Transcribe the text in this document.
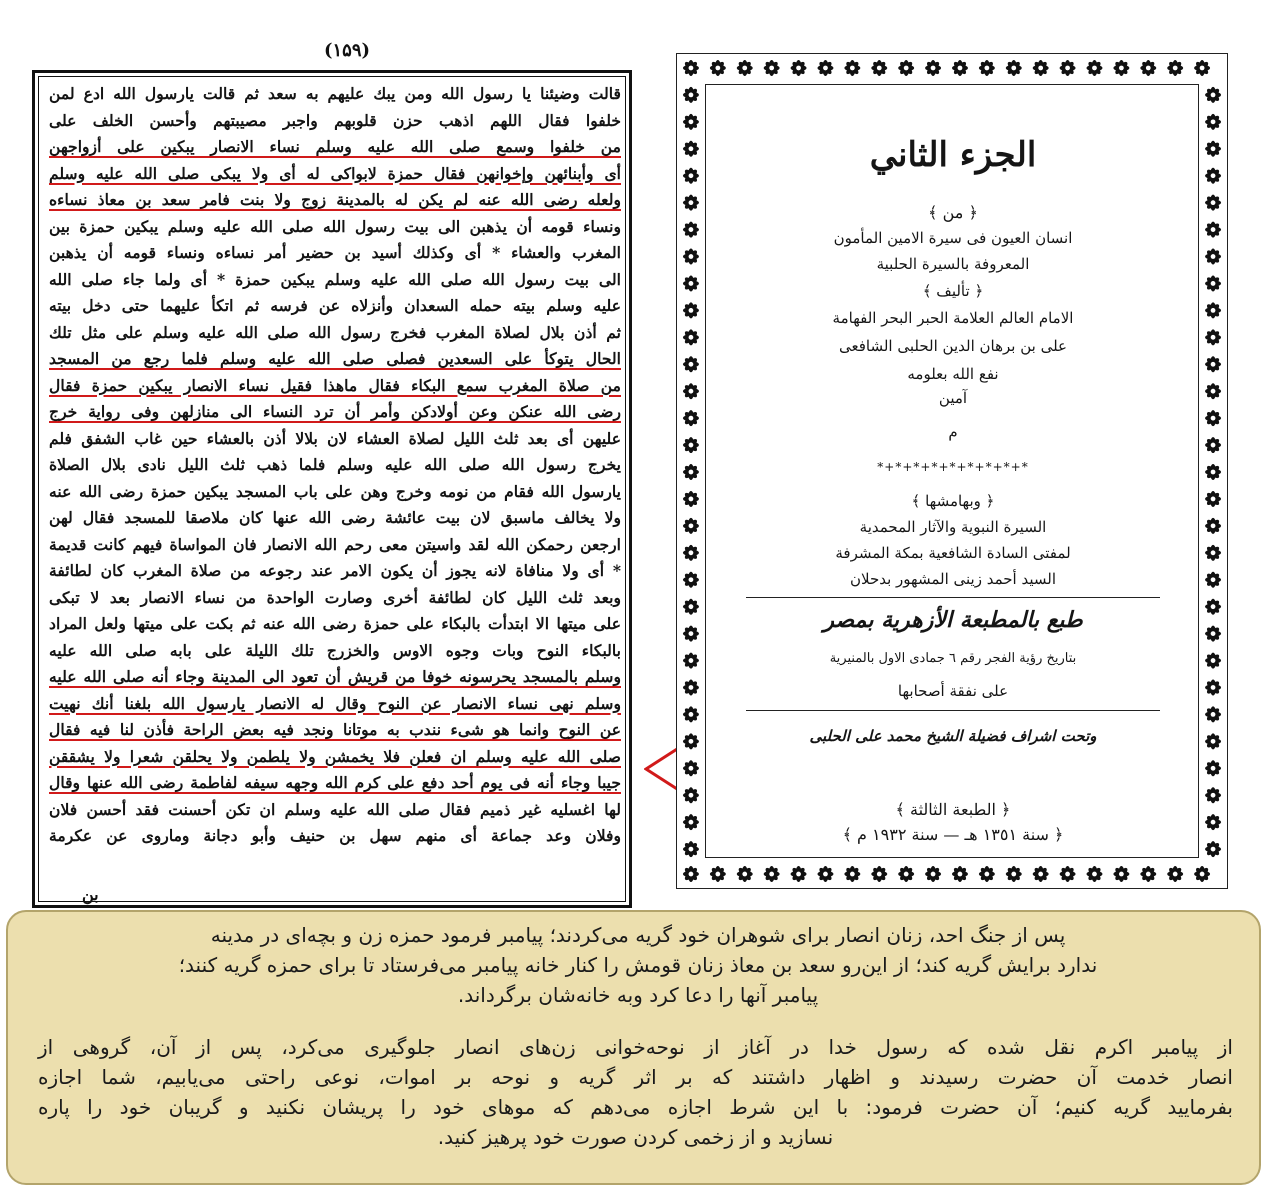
(۱۵۹)
قالت وضيئنا يا رسول الله ومن يبك عليهم به سعد ثم قالت يارسول الله ادع لمن
خلفوا فقال اللهم اذهب حزن قلوبهم واجبر مصيبتهم وأحسن الخلف على
من خلفوا وسمع صلى الله عليه وسلم نساء الانصار يبكين على أزواجهن
أى وأبنائهن وإخوانهن فقال حمزة لابواكى له أى ولا يبكى صلى الله عليه وسلم
ولعله رضى الله عنه لم يكن له بالمدينة زوج ولا بنت فامر سعد بن معاذ نساءه
ونساء قومه أن يذهبن الى بيت رسول الله صلى الله عليه وسلم يبكين حمزة بين
المغرب والعشاء * أى وكذلك أسيد بن حضير أمر نساءه ونساء قومه أن يذهبن
الى بيت رسول الله صلى الله عليه وسلم يبكين حمزة * أى ولما جاء صلى الله
عليه وسلم بيته حمله السعدان وأنزلاه عن فرسه ثم اتكأ عليهما حتى دخل بيته
ثم أذن بلال لصلاة المغرب فخرج رسول الله صلى الله عليه وسلم على مثل تلك
الحال يتوكأ على السعدين فصلى صلى الله عليه وسلم فلما رجع من المسجد
من صلاة المغرب سمع البكاء فقال ماهذا فقيل نساء الانصار يبكين حمزة فقال
رضى الله عنكن وعن أولادكن وأمر أن ترد النساء الى منازلهن وفى رواية خرج
عليهن أى بعد ثلث الليل لصلاة العشاء لان بلالا أذن بالعشاء حين غاب الشفق فلم
يخرج رسول الله صلى الله عليه وسلم فلما ذهب ثلث الليل نادى بلال الصلاة
يارسول الله فقام من نومه وخرج وهن على باب المسجد يبكين حمزة رضى الله عنه
ولا يخالف ماسبق لان بيت عائشة رضى الله عنها كان ملاصقا للمسجد فقال لهن
ارجعن رحمكن الله لقد واسيتن معى رحم الله الانصار فان المواساة فيهم كانت قديمة
* أى ولا منافاة لانه يجوز أن يكون الامر عند رجوعه من صلاة المغرب كان لطائفة
وبعد ثلث الليل كان لطائفة أخرى وصارت الواحدة من نساء الانصار بعد لا تبكى
على ميتها الا ابتدأت بالبكاء على حمزة رضى الله عنه ثم بكت على ميتها ولعل المراد
بالبكاء النوح وبات وجوه الاوس والخزرج تلك الليلة على بابه صلى الله عليه
وسلم بالمسجد يحرسونه خوفا من قريش أن تعود الى المدينة وجاء أنه صلى الله عليه
وسلم نهى نساء الانصار عن النوح وقال له الانصار يارسول الله بلغنا أنك نهيت
عن النوح وانما هو شىء نندب به موتانا ونجد فيه بعض الراحة فأذن لنا فيه فقال
صلى الله عليه وسلم ان فعلن فلا يخمشن ولا يلطمن ولا يحلقن شعرا ولا يشققن
جيبا وجاء أنه فى يوم أحد دفع على كرم الله وجهه سيفه لفاطمة رضى الله عنها وقال
لها اغسليه غير ذميم فقال صلى الله عليه وسلم ان تكن أحسنت فقد أحسن فلان
وفلان وعد جماعة أى منهم سهل بن حنيف وأبو دجانة وماروى عن عكرمة
بن
الجزء الثاني
﴿ من ﴾
انسان العيون فى سيرة الامين المأمون
المعروفة بالسيرة الحلبية
﴿ تأليف ﴾
الامام العالم العلامة الحبر البحر الفهامة
على بن برهان الدين الحلبى الشافعى
نفع الله بعلومه
آمين
م
*+*+*+*+*+*+*+*+*
﴿ وبهامشها ﴾
السيرة النبوية والآثار المحمدية
لمفتى السادة الشافعية بمكة المشرفة
السيد أحمد زينى المشهور بدحلان
طبع بالمطبعة الأزهرية بمصر
بتاريخ رؤية الفجر رقم ٦ جمادى الاول بالمنيرية
على نفقة أصحابها
وتحت اشراف فضيلة الشيخ محمد على الحلبى
﴿ الطبعة الثالثة ﴾
﴿ سنة ١٣٥١ هـ — سنة ١٩٣٢ م ﴾

پس از جنگ احد، زنان انصار برای شوهران خود گریه می‌کردند؛ پیامبر فرمود حمزه زن و بچه‌ای در مدینه
ندارد برایش گریه کند؛ از این‌رو سعد بن معاذ زنان قومش را کنار خانه پیامبر می‌فرستاد تا برای حمزه گریه کنند؛
پیامبر آنها را دعا کرد وبه خانه‌شان برگرداند.

از پیامبر اکرم نقل شده که رسول خدا در آغاز از نوحه‌خوانی زن‌های انصار جلوگیری می‌کرد، پس از آن، گروهی از
انصار خدمت آن حضرت رسیدند و اظهار داشتند که بر اثر گریه و نوحه بر اموات، نوعی راحتی می‌یابیم، شما اجازه
بفرمایید گریه کنیم؛ آن حضرت فرمود: با این شرط اجازه می‌دهم که موهای خود را پریشان نکنید و گریبان خود را پاره
نسازید و از زخمی کردن صورت خود پرهیز کنید.
